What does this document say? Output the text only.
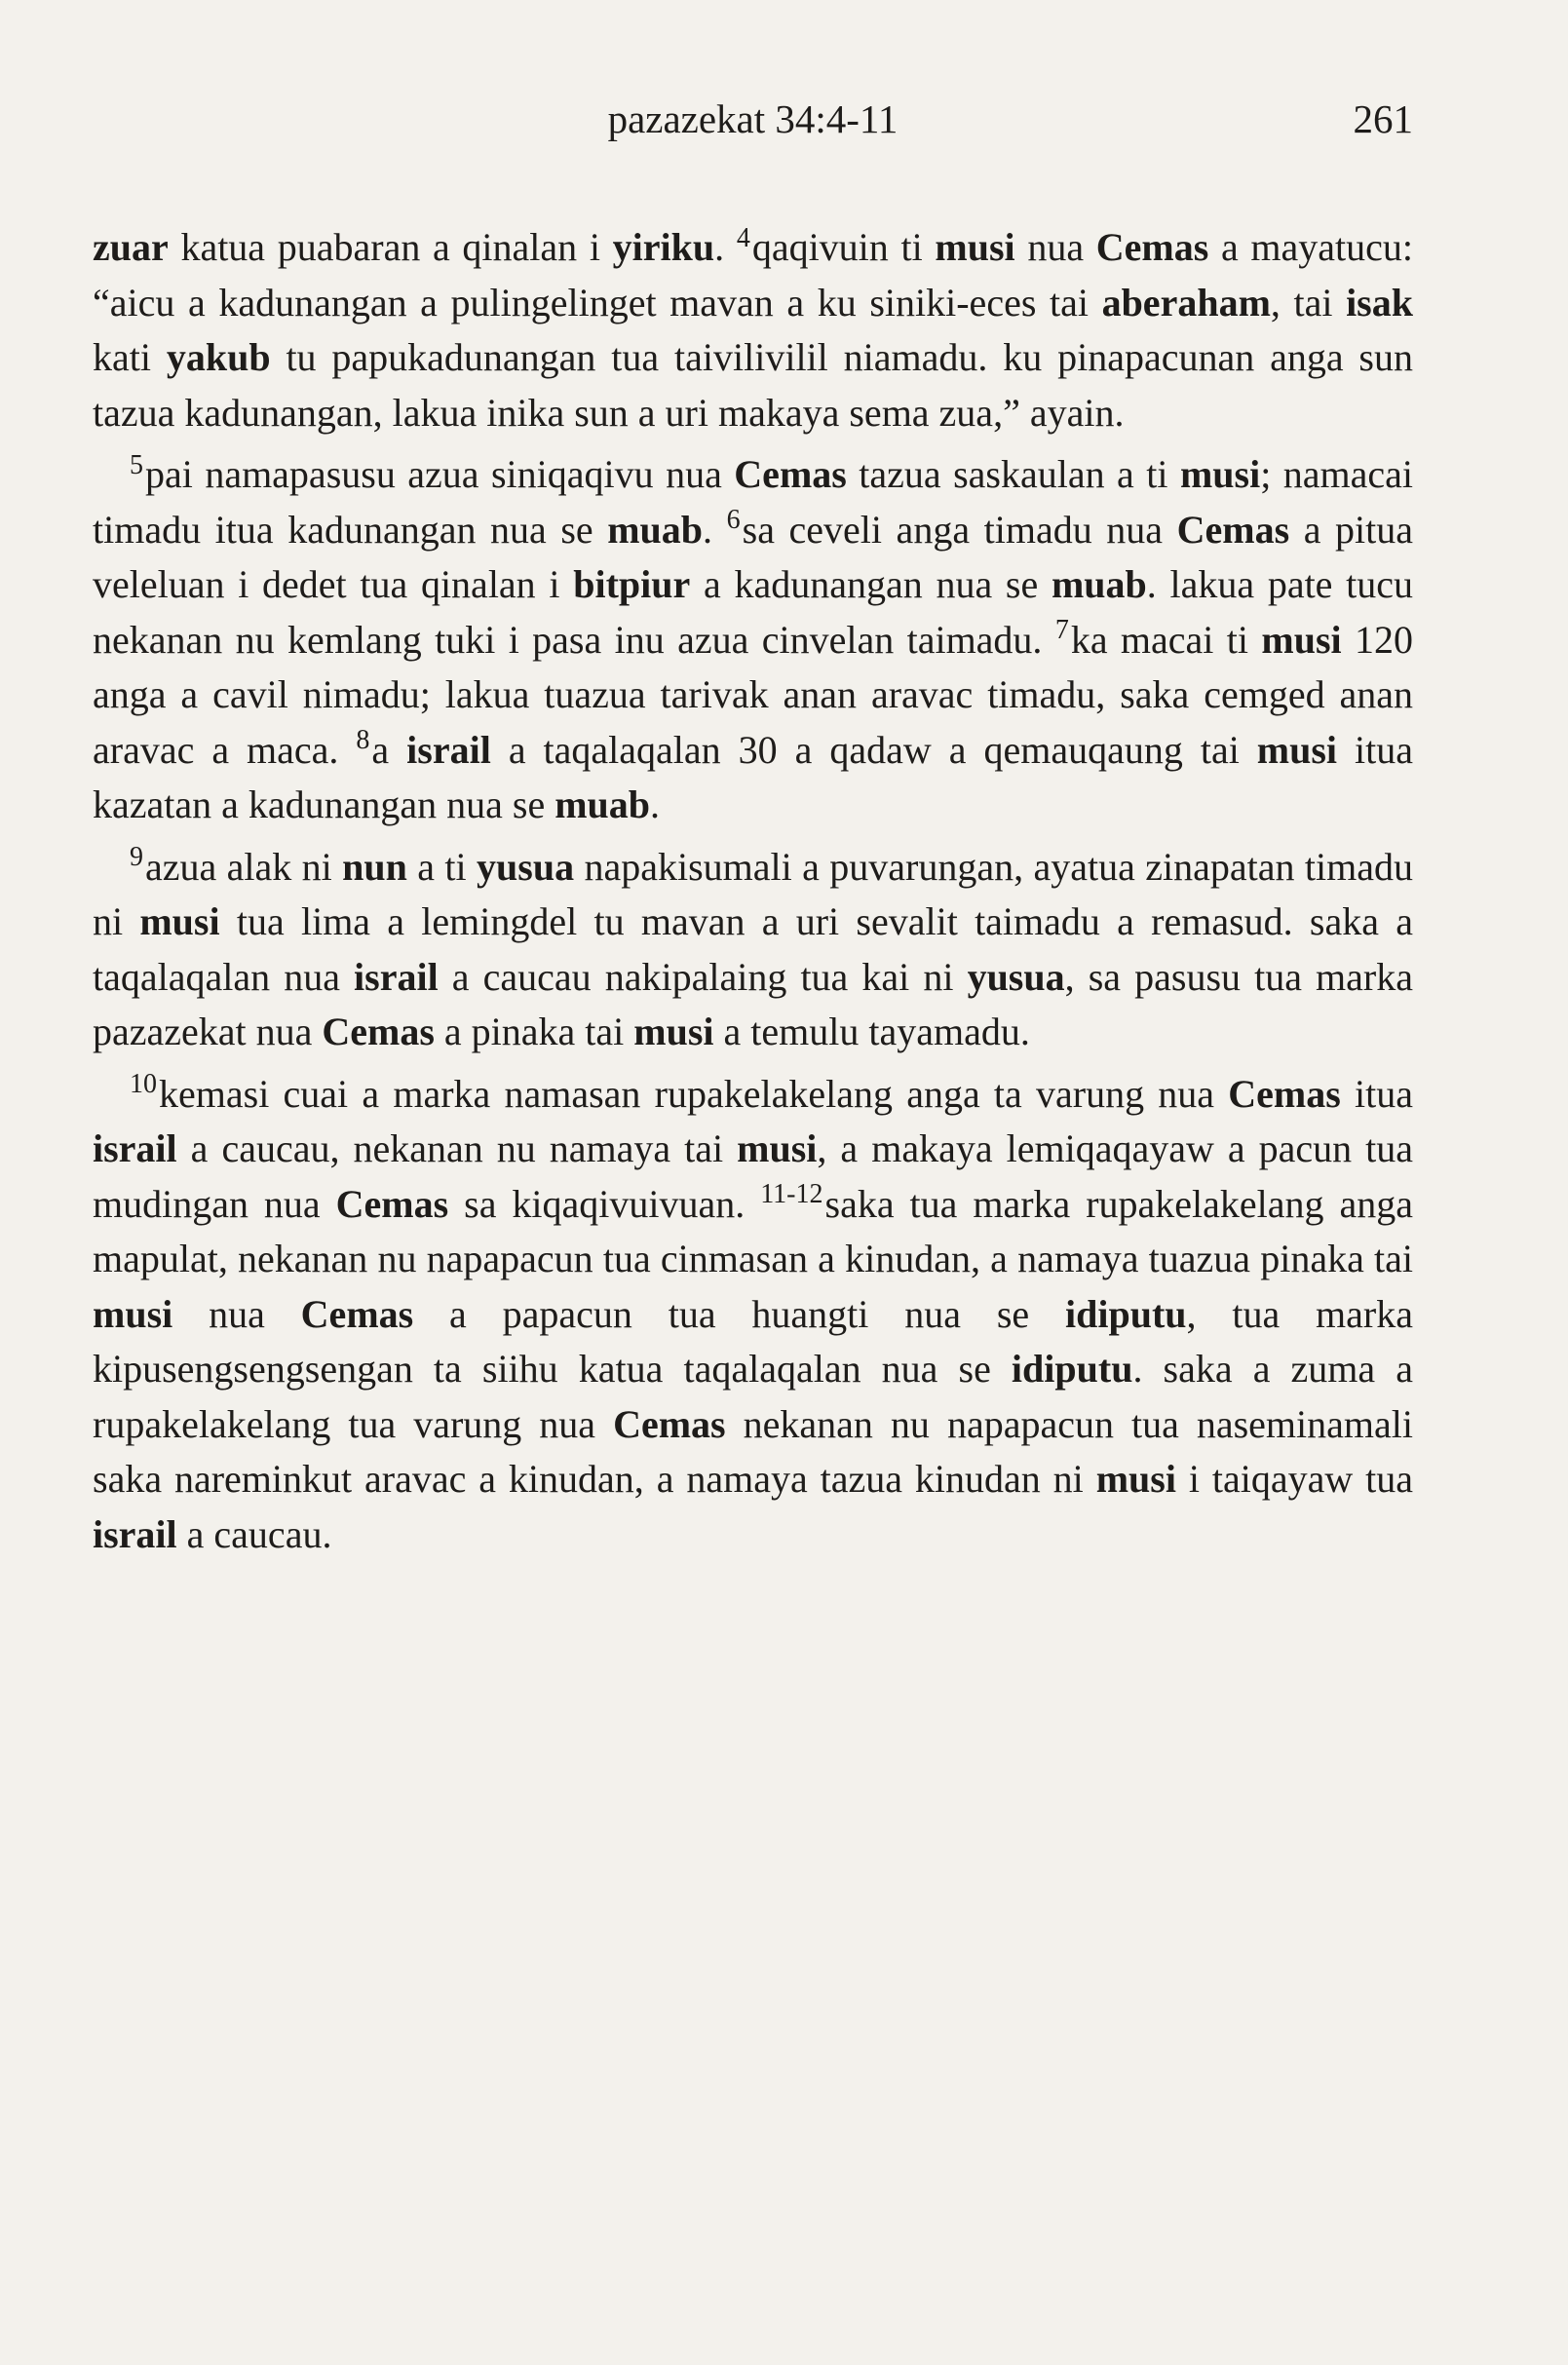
pazazekat 34:4-11	261

zuar katua puabaran a qinalan i yiriku. $^4$qaqivuin ti musi nua Cemas a mayatucu: “aicu a kadunangan a pulingelinget mavan a ku siniki-eces tai aberaham, tai isak kati yakub tu papukadunangan tua taivilivilil niamadu. ku pinapacunan anga sun tazua kadunangan, lakua inika sun a uri makaya sema zua,” ayain.

$^5$pai namapasusu azua siniqaqivu nua Cemas tazua saskaulan a ti musi; namacai timadu itua kadunangan nua se muab. $^6$sa ceveli anga timadu nua Cemas a pitua veleluan i dedet tua qinalan i bitpiur a kadunangan nua se muab. lakua pate tucu nekanan nu kemlang tuki i pasa inu azua cinvelan taimadu. $^7$ka macai ti musi 120 anga a cavil nimadu; lakua tuazua tarivak anan aravac timadu, saka cemged anan aravac a maca. $^8$a israil a taqalaqalan 30 a qadaw a qemauqaung tai musi itua kazatan a kadunangan nua se muab.

$^9$azua alak ni nun a ti yusua napakisumali a puvarungan, ayatua zinapatan timadu ni musi tua lima a lemingdel tu mavan a uri sevalit taimadu a remasud. saka a taqalaqalan nua israil a caucau nakipalaing tua kai ni yusua, sa pasusu tua marka pazazekat nua Cemas a pinaka tai musi a temulu tayamadu.

$^{10}$kemasi cuai a marka namasan rupakelakelang anga ta varung nua Cemas itua israil a caucau, nekanan nu namaya tai musi, a makaya lemiqaqayaw a pacun tua mudingan nua Cemas sa kiqaqivuivuan. $^{11-12}$saka tua marka rupakelakelang anga mapulat, nekanan nu napapacun tua cinmasan a kinudan, a namaya tuazua pinaka tai musi nua Cemas a papacun tua huangti nua se idiputu, tua marka kipusengsengsengan ta siihu katua taqalaqalan nua se idiputu. saka a zuma a rupakelakelang tua varung nua Cemas nekanan nu napapacun tua naseminamali saka nareminkut aravac a kinudan, a namaya tazua kinudan ni musi i taiqayaw tua israil a caucau.
